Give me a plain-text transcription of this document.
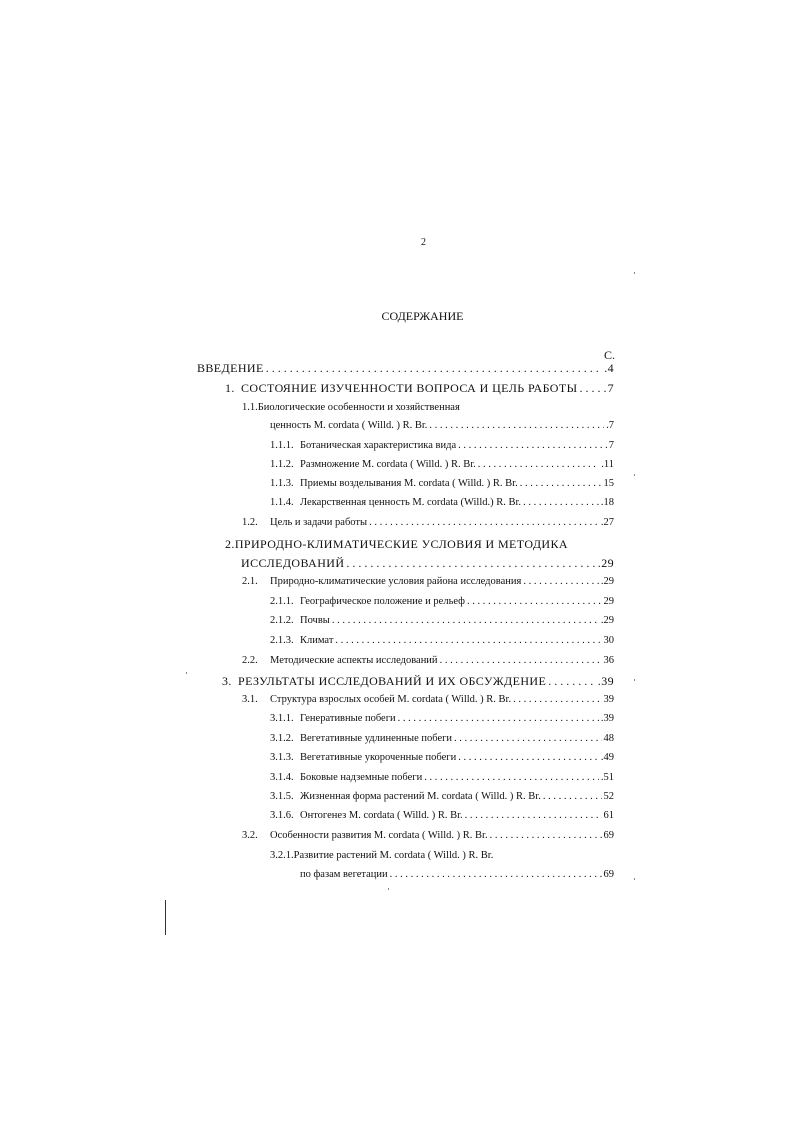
2
СОДЕРЖАНИЕ
С.
ВВЕДЕНИЕ . . .	.4
1. СОСТОЯНИЕ ИЗУЧЕННОСТИ ВОПРОСА И ЦЕЛЬ РАБОТЫ . . .	7
1.1.Биологические особенности и хозяйственная
ценность M. cordata ( Willd. ) R. Br. . . .	.7
1.1.1. Ботаническая характеристика вида . . .	7
1.1.2. Размножение M. cordata ( Willd. ) R. Br. . . .	.11
1.1.3. Приемы возделывания M. cordata ( Willd. ) R. Br. . . .	15
1.1.4. Лекарственная ценность M. cordata (Willd.) R. Br. . . .	.18
1.2.	Цель и задачи работы . . .	.27
2.ПРИРОДНО-КЛИМАТИЧЕСКИЕ УСЛОВИЯ И МЕТОДИКА
ИССЛЕДОВАНИЙ . . .	.29
2.1.	Природно-климатические условия района исследования . . .	.29
2.1.1. Географическое положение и рельеф . . .	29
2.1.2. Почвы . . .	.29
2.1.3. Климат . . .	30
2.2.	Методические аспекты исследований . . .	36
3. РЕЗУЛЬТАТЫ ИССЛЕДОВАНИЙ И ИХ ОБСУЖДЕНИЕ . . .	.39
3.1.	Структура взрослых особей M. cordata ( Willd. ) R. Br. . . .	39
3.1.1. Генеративные побеги . . .	.39
3.1.2. Вегетативные удлиненные побеги . . .	48
3.1.3. Вегетативные укороченные побеги . . .	.49
3.1.4. Боковые надземные побеги . . .	.51
3.1.5. Жизненная форма растений M. cordata ( Willd. ) R. Br. . . .	52
3.1.6. Онтогенез M. cordata ( Willd. ) R. Br. . . .	61
3.2.	Особенности развития M. cordata ( Willd. ) R. Br. . . .	69
3.2.1.Развитие растений M. cordata ( Willd. ) R. Br.
по фазам вегетации . . .	69
